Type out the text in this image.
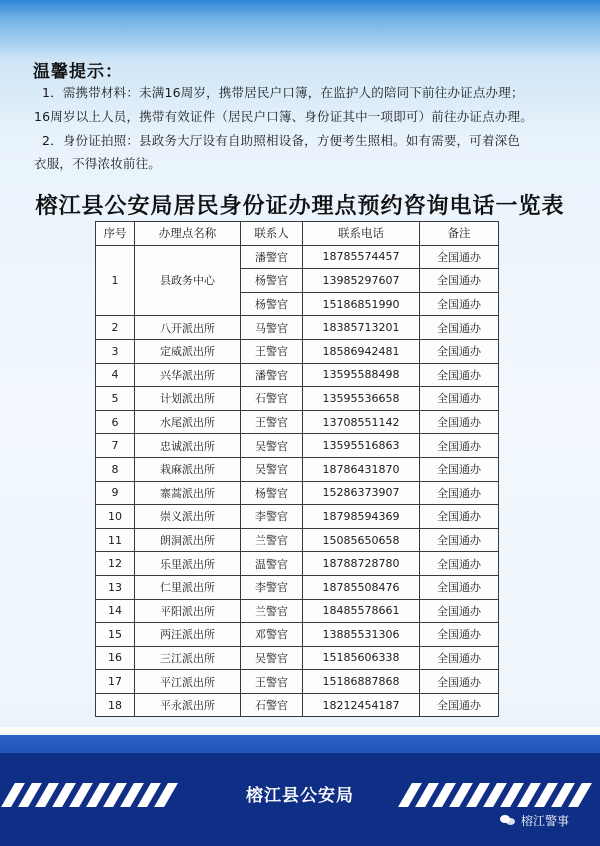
温馨提示：
1．需携带材料：未满16周岁，携带居民户口簿，在监护人的陪同下前往办证点办理；
16周岁以上人员，携带有效证件（居民户口簿、身份证其中一项即可）前往办证点办理。
2．身份证拍照：县政务大厅设有自助照相设备，方便考生照相。如有需要，可着深色
衣服，不得浓妆前往。
榕江县公安局居民身份证办理点预约咨询电话一览表
序号	办理点名称	联系人	联系电话	备注
1	县政务中心	潘警官	18785574457	全国通办
		杨警官	13985297607	全国通办
		杨警官	15186851990	全国通办
2	八开派出所	马警官	18385713201	全国通办
3	定威派出所	王警官	18586942481	全国通办
4	兴华派出所	潘警官	13595588498	全国通办
5	计划派出所	石警官	13595536658	全国通办
6	水尾派出所	王警官	13708551142	全国通办
7	忠诚派出所	吴警官	13595516863	全国通办
8	栽麻派出所	吴警官	18786431870	全国通办
9	寨蒿派出所	杨警官	15286373907	全国通办
10	崇义派出所	李警官	18798594369	全国通办
11	朗洞派出所	兰警官	15085650658	全国通办
12	乐里派出所	温警官	18788728780	全国通办
13	仁里派出所	李警官	18785508476	全国通办
14	平阳派出所	兰警官	18485578661	全国通办
15	两汪派出所	邓警官	13885531306	全国通办
16	三江派出所	吴警官	15185606338	全国通办
17	平江派出所	王警官	15186887868	全国通办
18	平永派出所	石警官	18212454187	全国通办
榕江县公安局
榕江警事
